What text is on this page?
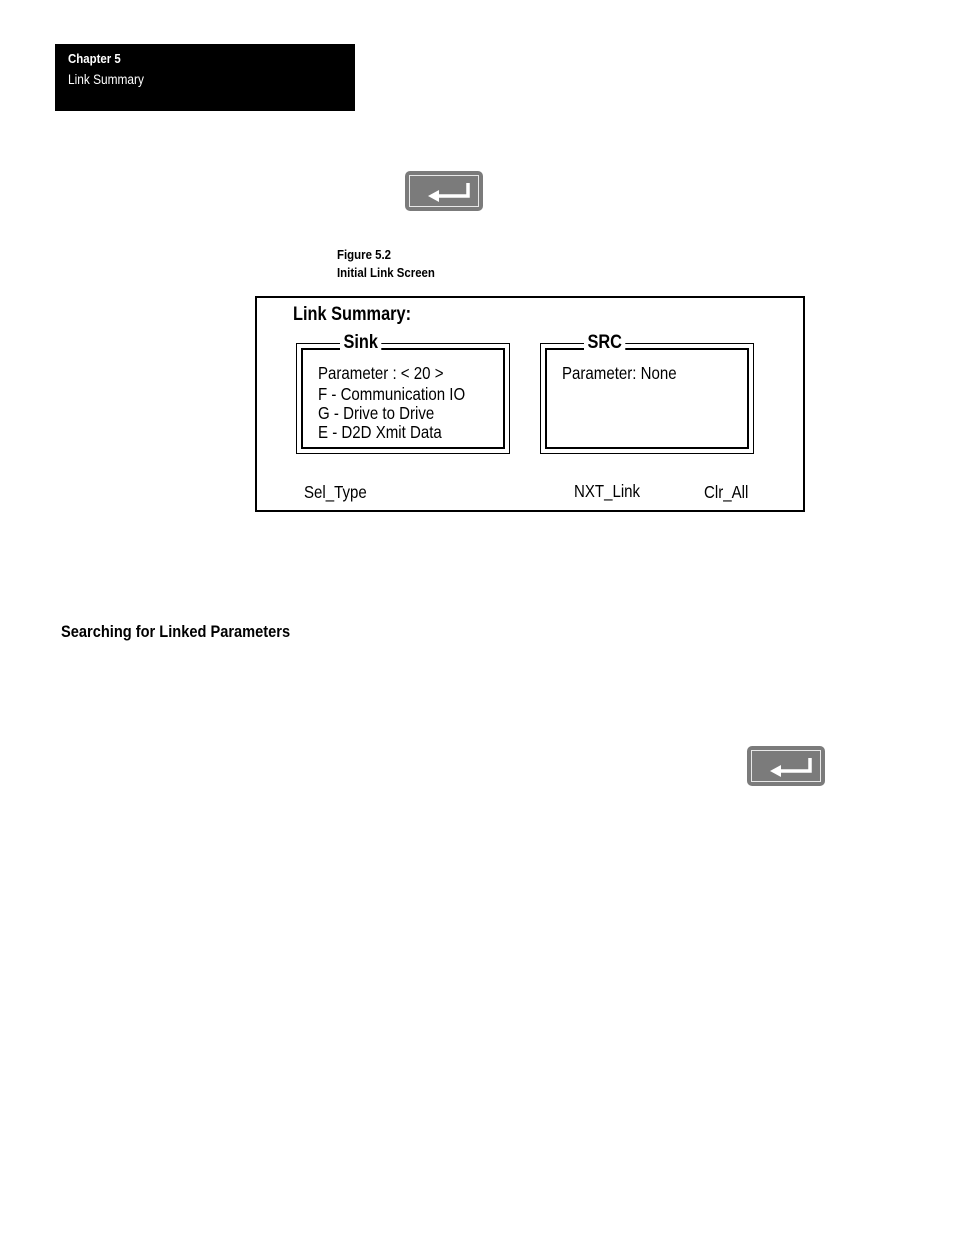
Chapter 5
Link Summary
Figure 5.2
Initial Link Screen
Link Summary:
Sink
Parameter : < 20 >
F - Communication IO
G - Drive to Drive
E - D2D Xmit Data
SRC
Parameter: None
Sel_Type	NXT_Link	Clr_All
Searching for Linked Parameters
